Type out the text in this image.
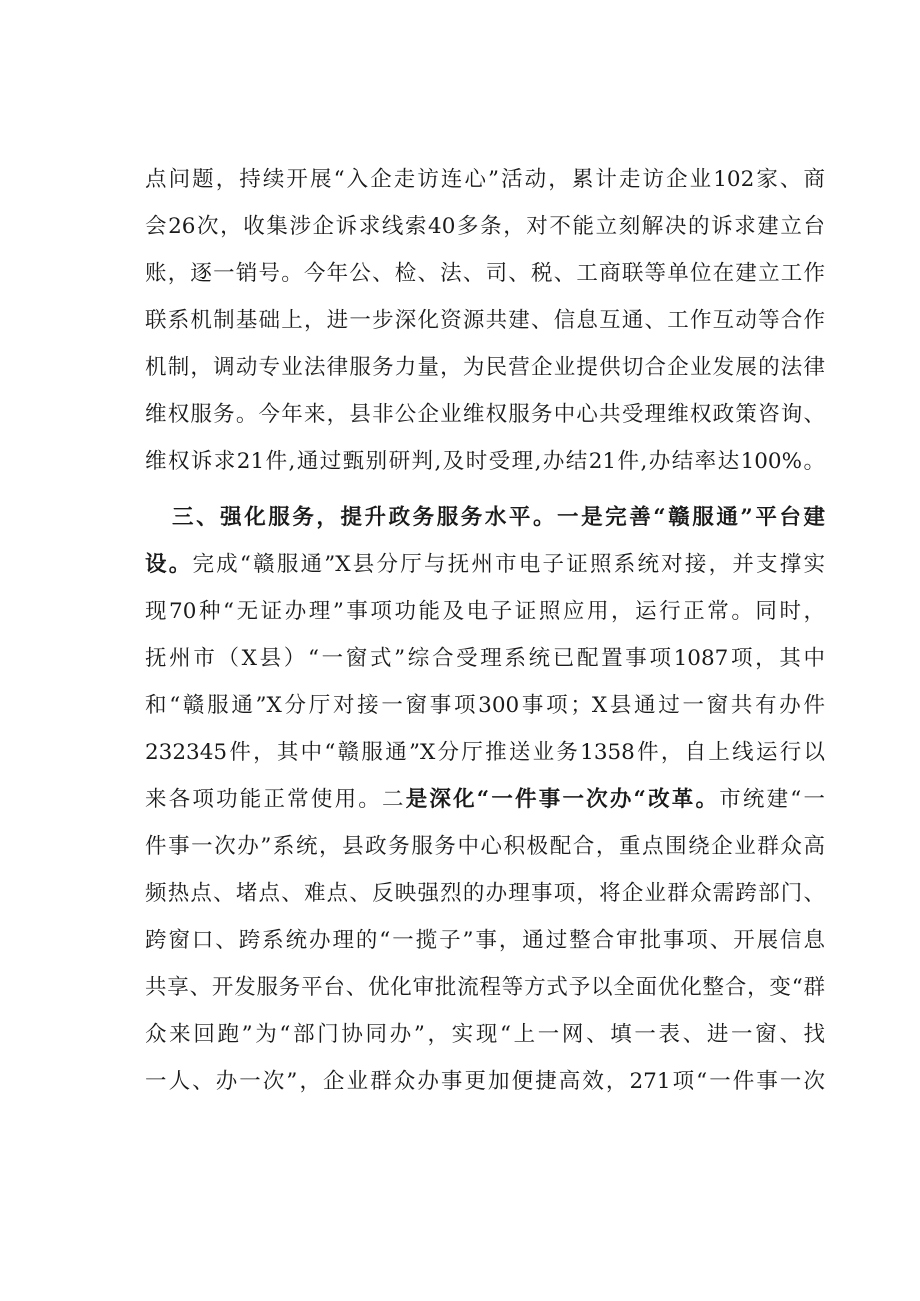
点问题，持续开展“入企走访连心”活动，累计走访企业102家、商
会26次，收集涉企诉求线索40多条，对不能立刻解决的诉求建立台
账，逐一销号。今年公、检、法、司、税、工商联等单位在建立工作
联系机制基础上，进一步深化资源共建、信息互通、工作互动等合作
机制，调动专业法律服务力量，为民营企业提供切合企业发展的法律
维权服务。今年来，县非公企业维权服务中心共受理维权政策咨询、
维权诉求21件,通过甄别研判,及时受理,办结21件,办结率达100%。
三、强化服务，提升政务服务水平。一是完善“赣服通”平台建
设。完成“赣服通”X县分厅与抚州市电子证照系统对接，并支撑实
现70种“无证办理”事项功能及电子证照应用，运行正常。同时，
抚州市（X县）“一窗式”综合受理系统已配置事项1087项，其中
和“赣服通”X分厅对接一窗事项300事项；X县通过一窗共有办件
232345件，其中“赣服通”X分厅推送业务1358件，自上线运行以
来各项功能正常使用。二是深化“一件事一次办“改革。市统建“一
件事一次办”系统，县政务服务中心积极配合，重点围绕企业群众高
频热点、堵点、难点、反映强烈的办理事项，将企业群众需跨部门、
跨窗口、跨系统办理的“一揽子”事，通过整合审批事项、开展信息
共享、开发服务平台、优化审批流程等方式予以全面优化整合，变“群
众来回跑”为“部门协同办”，实现“上一网、填一表、进一窗、找
一人、办一次”，企业群众办事更加便捷高效，271项“一件事一次
